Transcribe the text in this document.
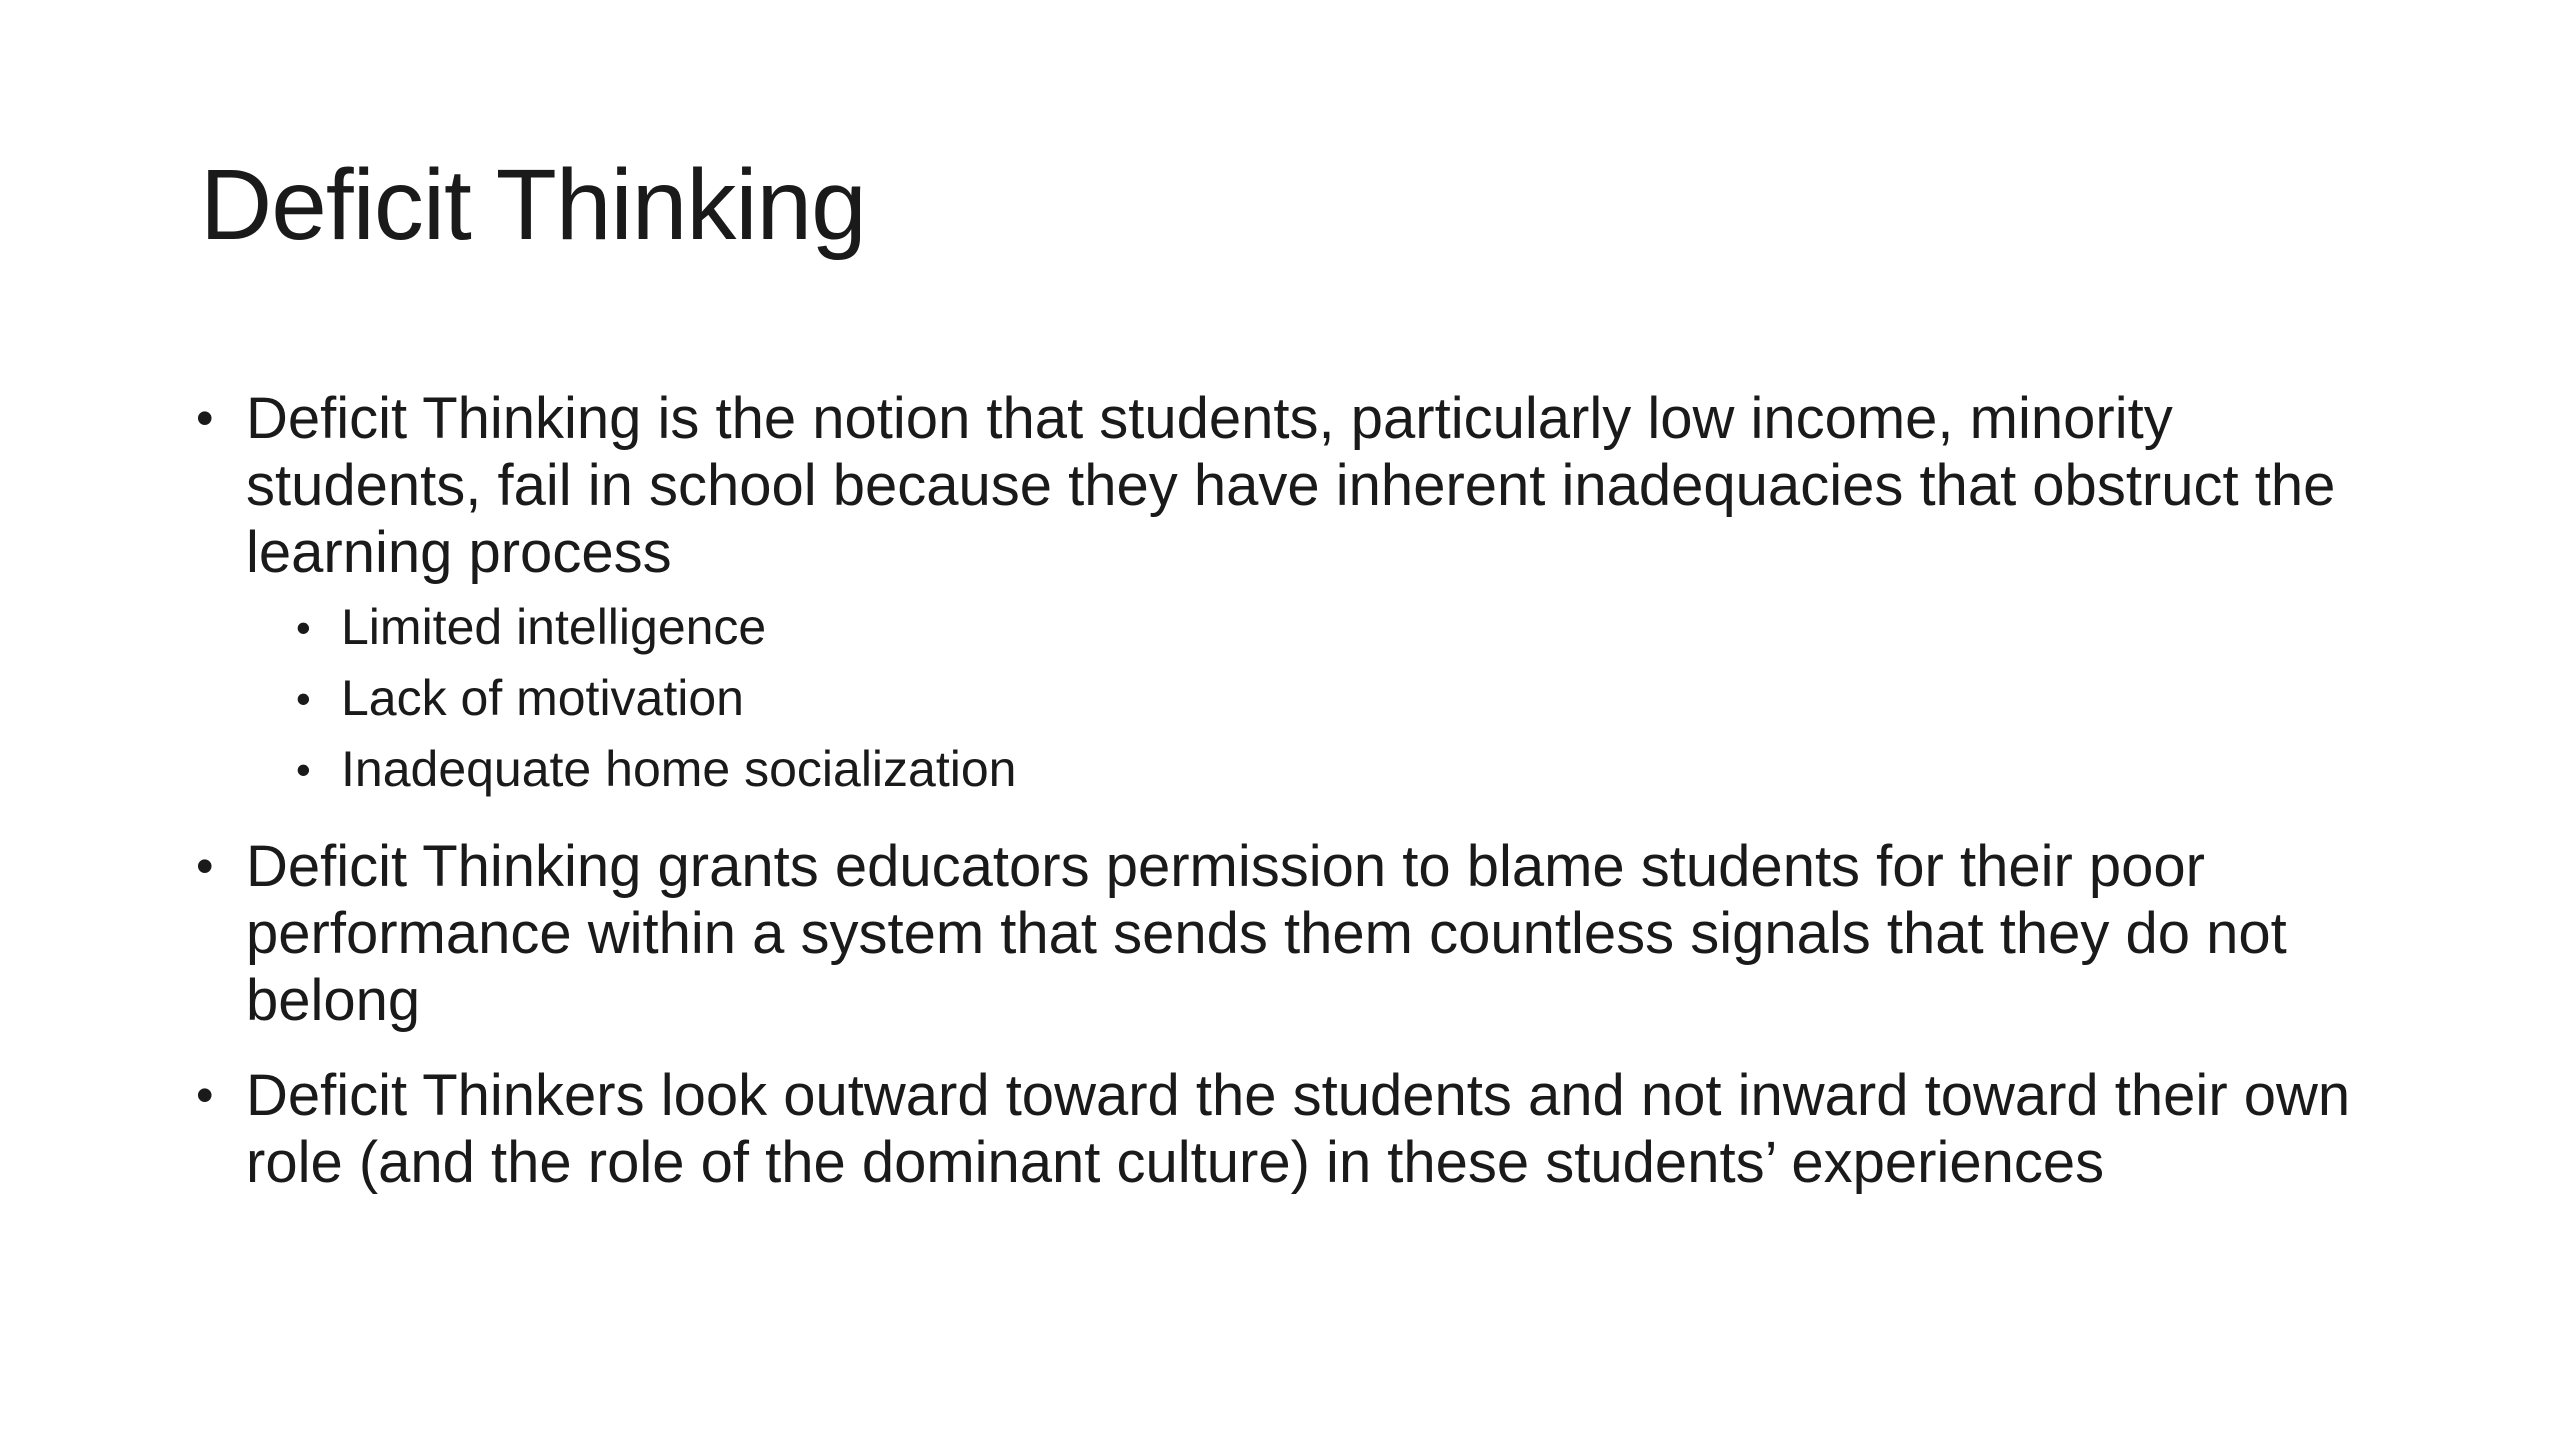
Deficit Thinking
• Deficit Thinking is the notion that students, particularly low income, minority students, fail in school because they have inherent inadequacies that obstruct the learning process
• Limited intelligence
• Lack of motivation
• Inadequate home socialization
• Deficit Thinking grants educators permission to blame students for their poor performance within a system that sends them countless signals that they do not belong
• Deficit Thinkers look outward toward the students and not inward toward their own role (and the role of the dominant culture) in these students’ experiences
